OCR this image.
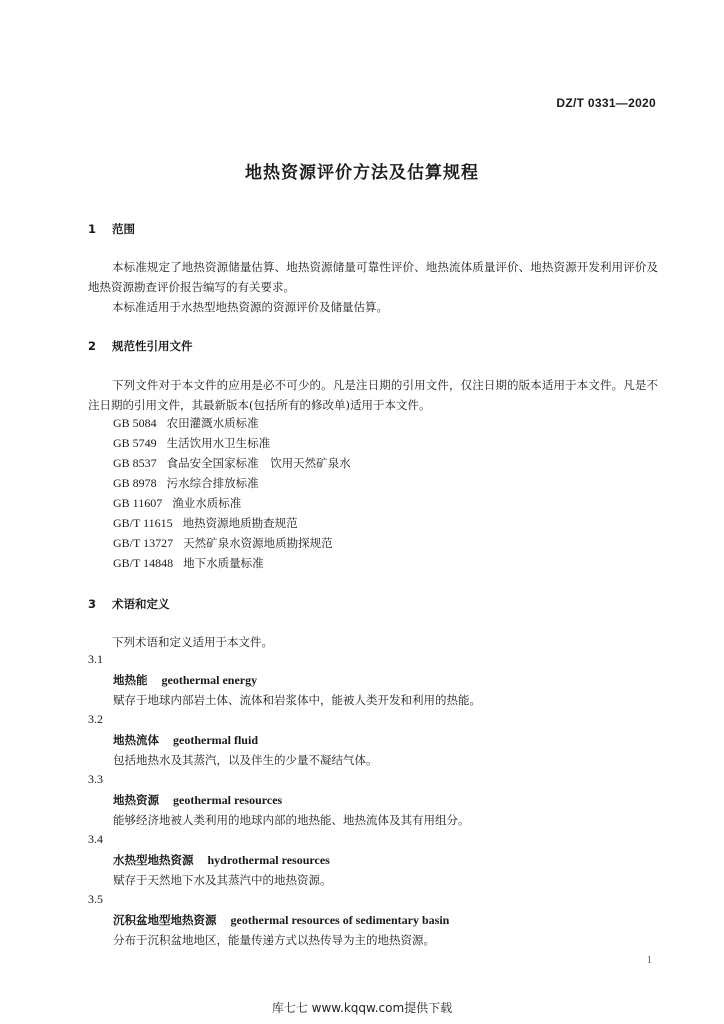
DZ/T 0331—2020
地热资源评价方法及估算规程
1 范围
本标准规定了地热资源储量估算、地热资源储量可靠性评价、地热流体质量评价、地热资源开发利用评价及地热资源勘查评价报告编写的有关要求。
本标准适用于水热型地热资源的资源评价及储量估算。
2 规范性引用文件
下列文件对于本文件的应用是必不可少的。凡是注日期的引用文件，仅注日期的版本适用于本文件。凡是不注日期的引用文件，其最新版本(包括所有的修改单)适用于本文件。
GB 5084 农田灌溉水质标准
GB 5749 生活饮用水卫生标准
GB 8537 食品安全国家标准　饮用天然矿泉水
GB 8978 污水综合排放标准
GB 11607 渔业水质标准
GB/T 11615 地热资源地质勘查规范
GB/T 13727 天然矿泉水资源地质勘探规范
GB/T 14848 地下水质量标准
3 术语和定义
下列术语和定义适用于本文件。
3.1
地热能 geothermal energy
赋存于地球内部岩土体、流体和岩浆体中，能被人类开发和利用的热能。
3.2
地热流体 geothermal fluid
包括地热水及其蒸汽，以及伴生的少量不凝结气体。
3.3
地热资源 geothermal resources
能够经济地被人类利用的地球内部的地热能、地热流体及其有用组分。
3.4
水热型地热资源 hydrothermal resources
赋存于天然地下水及其蒸汽中的地热资源。
3.5
沉积盆地型地热资源 geothermal resources of sedimentary basin
分布于沉积盆地地区，能量传递方式以热传导为主的地热资源。
1
库七七 www.kqqw.com提供下载
